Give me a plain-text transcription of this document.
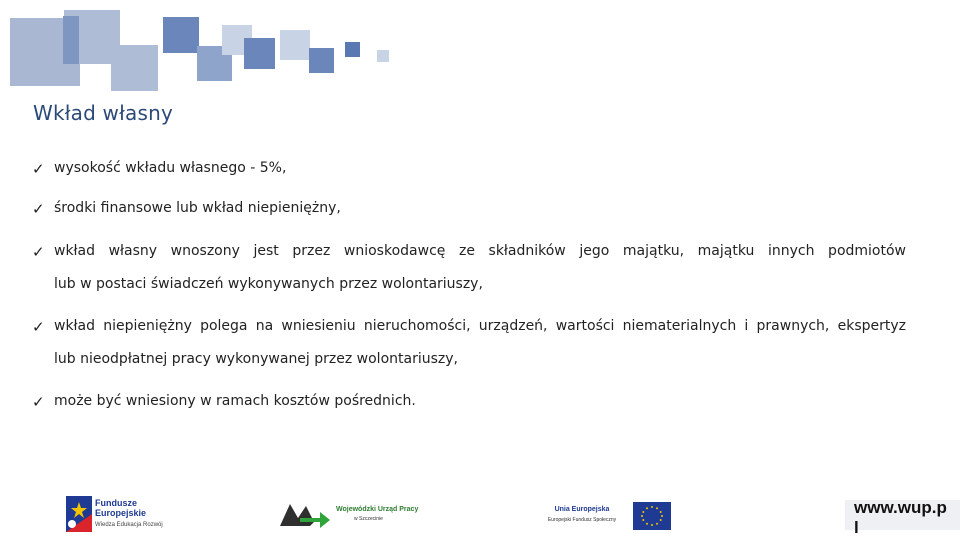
Wkład własny
✓ wysokość wkładu własnego - 5%,
✓ środki finansowe lub wkład niepieniężny,
✓ wkład  własny  wnoszony  jest  przez  wnioskodawcę  ze  składników  jego  majątku,  majątku  innych  podmiotów
lub w postaci świadczeń wykonywanych przez wolontariuszy,
✓ wkład niepieniężny polega na wniesieniu nieruchomości, urządzeń, wartości niematerialnych i prawnych, ekspertyz
lub nieodpłatnej pracy wykonywanej przez wolontariuszy,
✓ może być wniesiony w ramach kosztów pośrednich.
Fundusze
Europejskie
Wiedza Edukacja Rozwój
Wojewódzki Urząd Pracy
w Szczecinie
Unia Europejska
Europejski Fundusz Społeczny
www.wup.p
l
